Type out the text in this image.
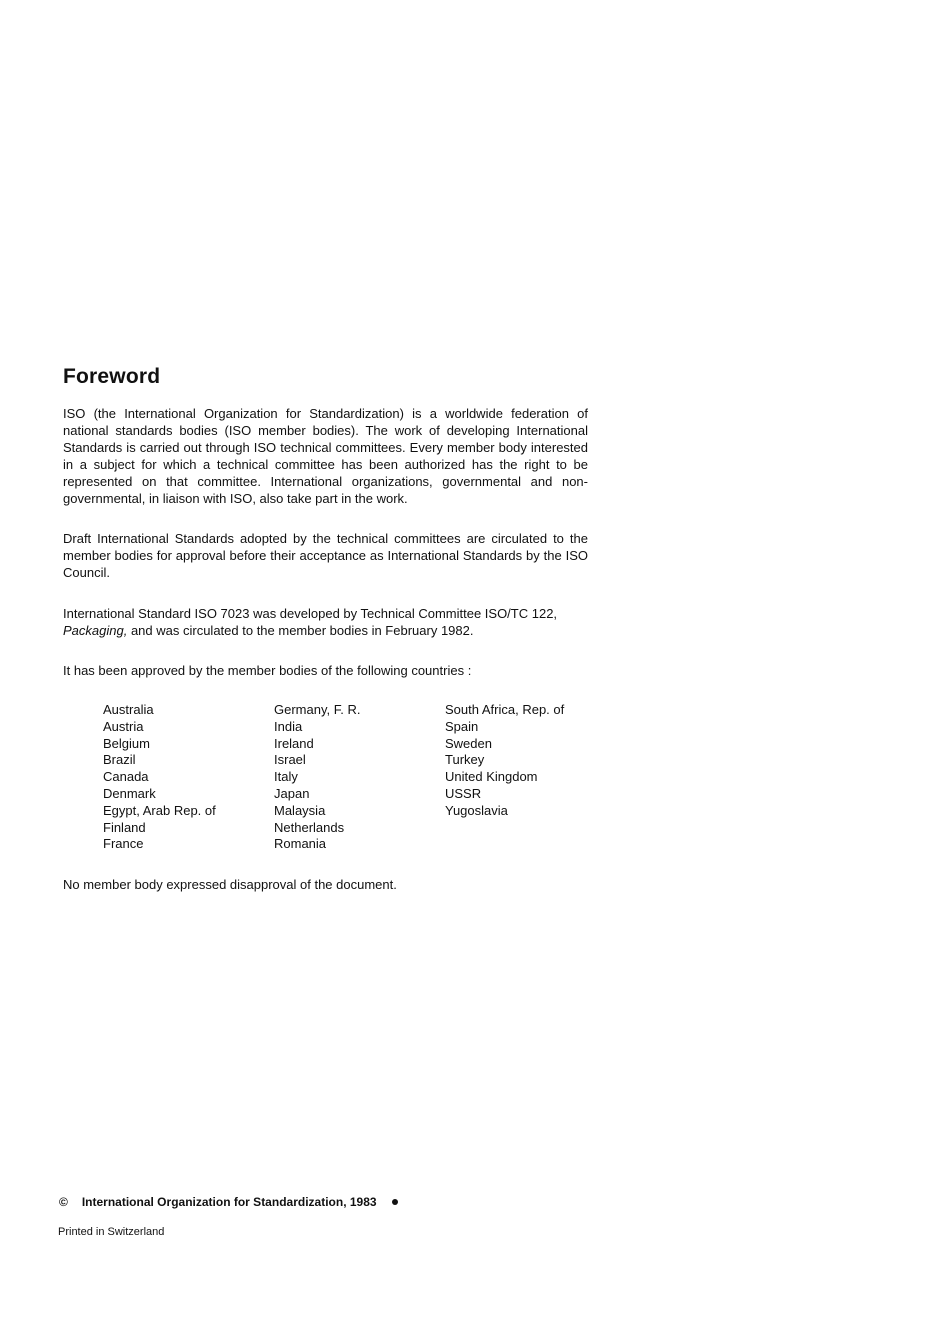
Foreword

ISO (the International Organization for Standardization) is a worldwide federation of national standards bodies (ISO member bodies). The work of developing International Standards is carried out through ISO technical committees. Every member body interested in a subject for which a technical committee has been authorized has the right to be represented on that committee. International organizations, governmental and non-governmental, in liaison with ISO, also take part in the work.

Draft International Standards adopted by the technical committees are circulated to the member bodies for approval before their acceptance as International Standards by the ISO Council.

International Standard ISO 7023 was developed by Technical Committee ISO/TC 122,
Packaging, and was circulated to the member bodies in February 1982.

It has been approved by the member bodies of the following countries :

Australia
Austria
Belgium
Brazil
Canada
Denmark
Egypt, Arab Rep. of
Finland
France
Germany, F. R.
India
Ireland
Israel
Italy
Japan
Malaysia
Netherlands
Romania
South Africa, Rep. of
Spain
Sweden
Turkey
United Kingdom
USSR
Yugoslavia

No member body expressed disapproval of the document.

© International Organization for Standardization, 1983
Printed in Switzerland
